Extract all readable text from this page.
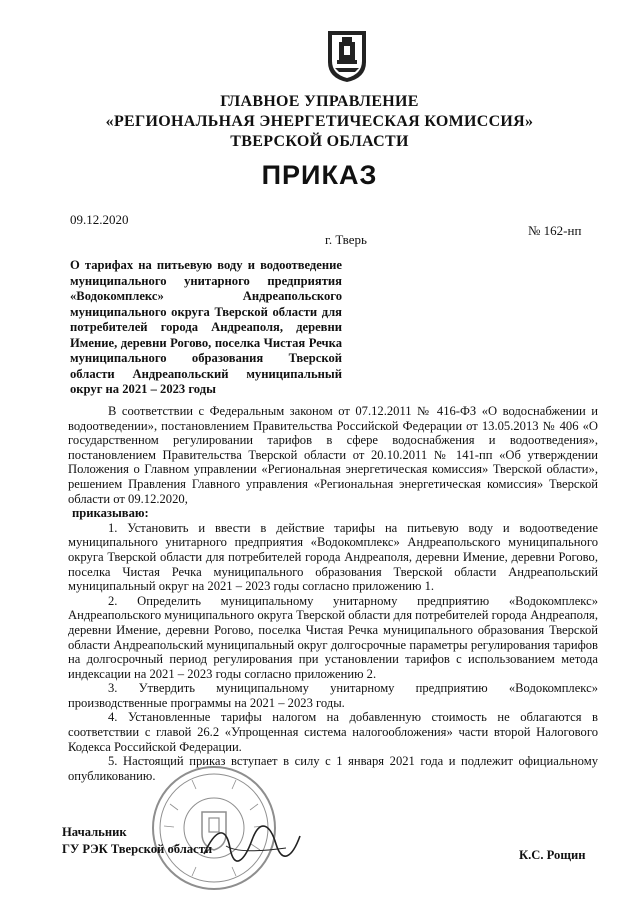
ГЛАВНОЕ УПРАВЛЕНИЕ
«РЕГИОНАЛЬНАЯ ЭНЕРГЕТИЧЕСКАЯ КОМИССИЯ»
ТВЕРСКОЙ ОБЛАСТИ
ПРИКАЗ
09.12.2020
№ 162-нп
г. Тверь
О тарифах на питьевую воду и водоотведение муниципального унитарного предприятия «Водокомплекс» Андреапольского муниципального округа Тверской области для потребителей города Андреаполя, деревни Имение, деревни Рогово, поселка Чистая Речка муниципального образования Тверской области Андреапольский муниципальный округ на 2021 – 2023 годы

В соответствии с Федеральным законом от 07.12.2011 № 416-ФЗ «О водоснабжении и водоотведении», постановлением Правительства Российской Федерации от 13.05.2013 № 406 «О государственном регулировании тарифов в сфере водоснабжения и водоотведения», постановлением Правительства Тверской области от 20.10.2011 № 141-пп «Об утверждении Положения о Главном управлении «Региональная энергетическая комиссия» Тверской области», решением Правления Главного управления «Региональная энергетическая комиссия» Тверской области от 09.12.2020,

приказываю:

1. Установить и ввести в действие тарифы на питьевую воду и водоотведение муниципального унитарного предприятия «Водокомплекс» Андреапольского муниципального округа Тверской области для потребителей города Андреаполя, деревни Имение, деревни Рогово, поселка Чистая Речка муниципального образования Тверской области Андреапольский муниципальный округ на 2021 – 2023 годы согласно приложению 1.

2. Определить муниципальному унитарному предприятию «Водокомплекс» Андреапольского муниципального округа Тверской области для потребителей города Андреаполя, деревни Имение, деревни Рогово, поселка Чистая Речка муниципального образования Тверской области Андреапольский муниципальный округ долгосрочные параметры регулирования тарифов на долгосрочный период регулирования при установлении тарифов с использованием метода индексации на 2021 – 2023 годы согласно приложению 2.

3. Утвердить муниципальному унитарному предприятию «Водокомплекс» производственные программы на 2021 – 2023 годы.

4. Установленные тарифы налогом на добавленную стоимость не облагаются в соответствии с главой 26.2 «Упрощенная система налогообложения» части второй Налогового Кодекса Российской Федерации.

5. Настоящий приказ вступает в силу с 1 января 2021 года и подлежит официальному опубликованию.

Начальник
ГУ РЭК Тверской области	К.С. Рощин
